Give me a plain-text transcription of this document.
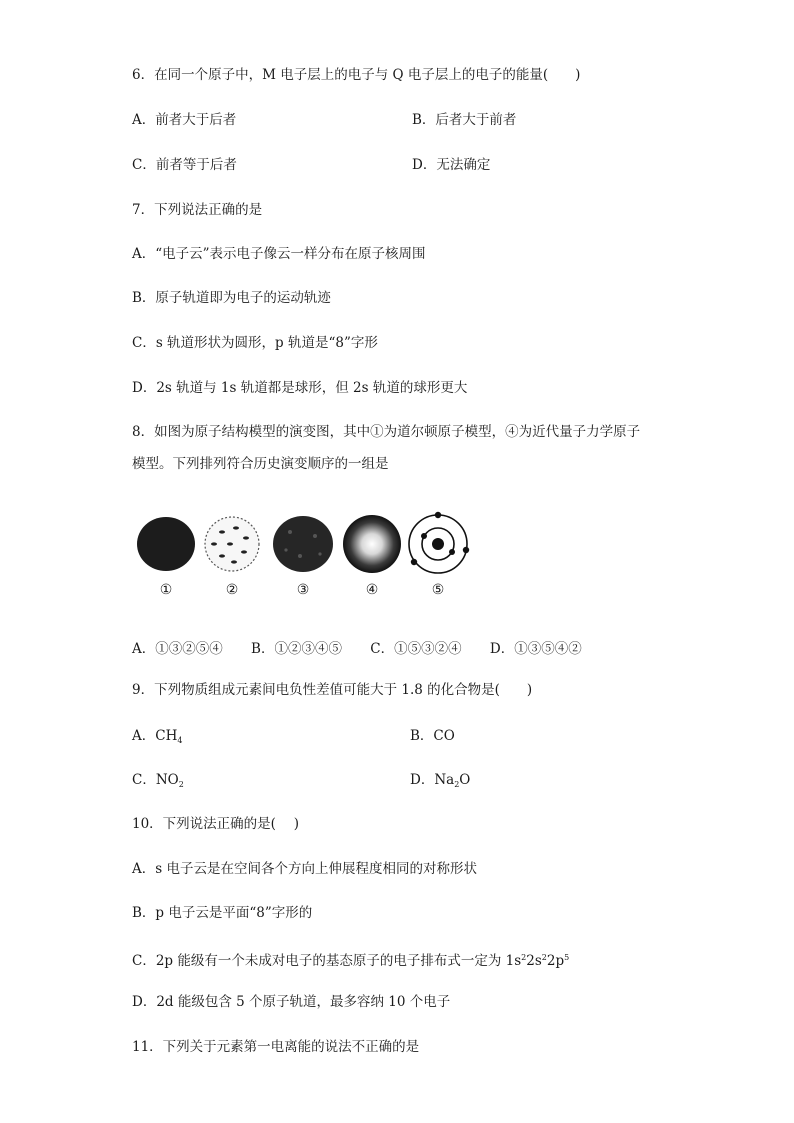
6．在同一个原子中，M 电子层上的电子与 Q 电子层上的电子的能量(　　)
A．前者大于后者	B．后者大于前者
C．前者等于后者	D．无法确定
7．下列说法正确的是
A．“电子云”表示电子像云一样分布在原子核周围
B．原子轨道即为电子的运动轨迹
C．s 轨道形状为圆形，p 轨道是“8”字形
D．2s 轨道与 1s 轨道都是球形，但 2s 轨道的球形更大
8．如图为原子结构模型的演变图，其中①为道尔顿原子模型，④为近代量子力学原子
模型。下列排列符合历史演变顺序的一组是
①	②	③	④	⑤
A．①③②⑤④ B．①②③④⑤ C．①⑤③②④ D．①③⑤④②
9．下列物质组成元素间电负性差值可能大于 1.8 的化合物是(　　)
A．$CH_4$	B．CO
C．$NO_2$	D．$Na_2O$
10．下列说法正确的是(　 )
A．s 电子云是在空间各个方向上伸展程度相同的对称形状
B．p 电子云是平面“8”字形的
C．2p 能级有一个未成对电子的基态原子的电子排布式一定为 $1s^22s^22p^5$
D．2d 能级包含 5 个原子轨道，最多容纳 10 个电子
11．下列关于元素第一电离能的说法不正确的是
